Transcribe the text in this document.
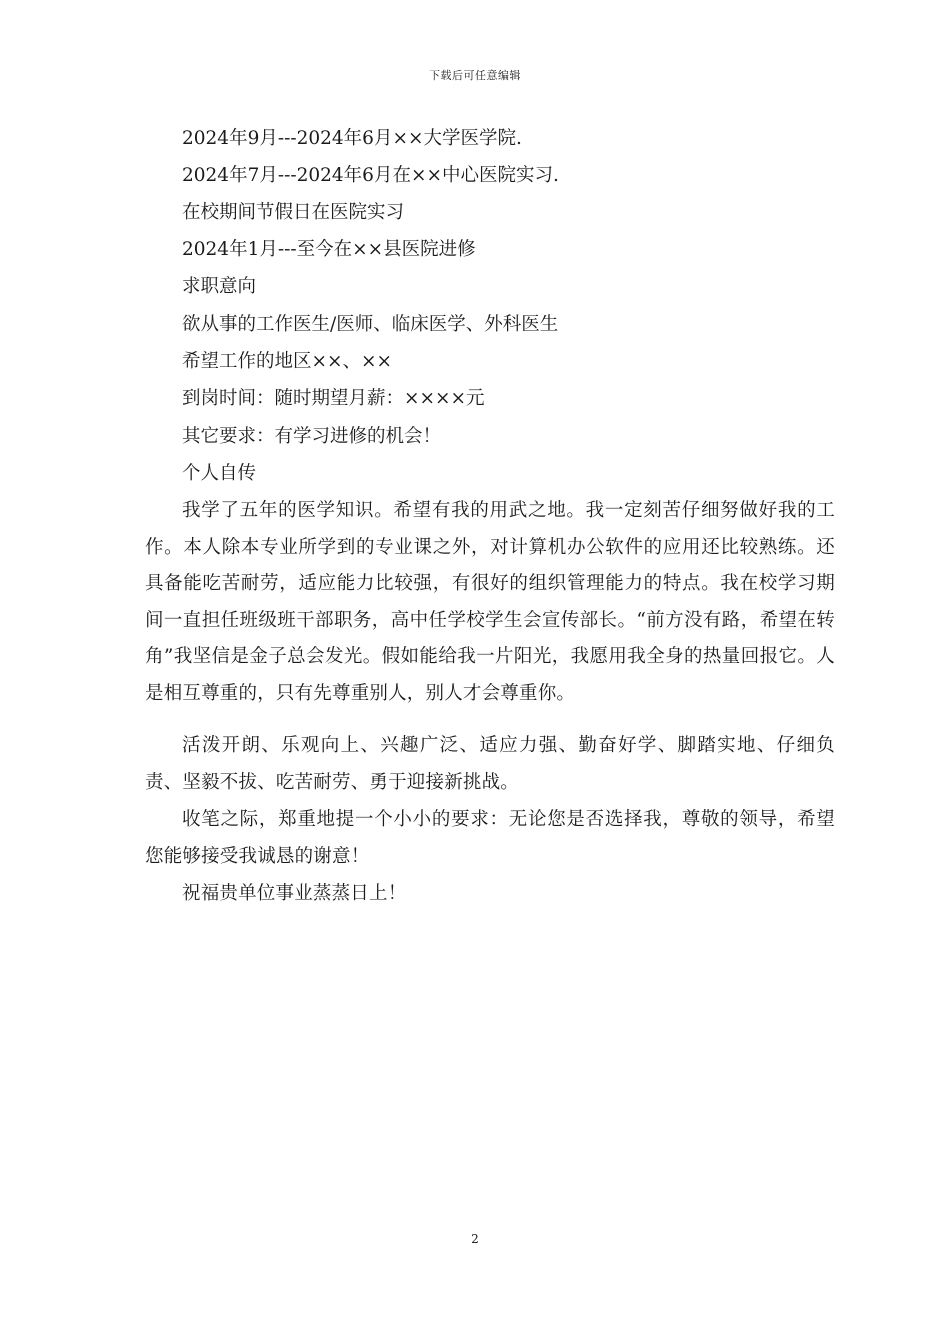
下载后可任意编辑
2024年9月---2024年6月××大学医学院.
2024年7月---2024年6月在××中心医院实习.
在校期间节假日在医院实习
2024年1月---至今在××县医院进修
求职意向
欲从事的工作医生/医师、临床医学、外科医生
希望工作的地区××、××
到岗时间：随时期望月薪：××××元
其它要求：有学习进修的机会！
个人自传
我学了五年的医学知识。希望有我的用武之地。我一定刻苦仔细努做好我的工作。本人除本专业所学到的专业课之外，对计算机办公软件的应用还比较熟练。还具备能吃苦耐劳，适应能力比较强，有很好的组织管理能力的特点。我在校学习期间一直担任班级班干部职务，高中任学校学生会宣传部长。“前方没有路，希望在转角”我坚信是金子总会发光。假如能给我一片阳光，我愿用我全身的热量回报它。人是相互尊重的，只有先尊重别人，别人才会尊重你。
活泼开朗、乐观向上、兴趣广泛、适应力强、勤奋好学、脚踏实地、仔细负责、坚毅不拔、吃苦耐劳、勇于迎接新挑战。
收笔之际，郑重地提一个小小的要求：无论您是否选择我，尊敬的领导，希望您能够接受我诚恳的谢意！
祝福贵单位事业蒸蒸日上！
2
